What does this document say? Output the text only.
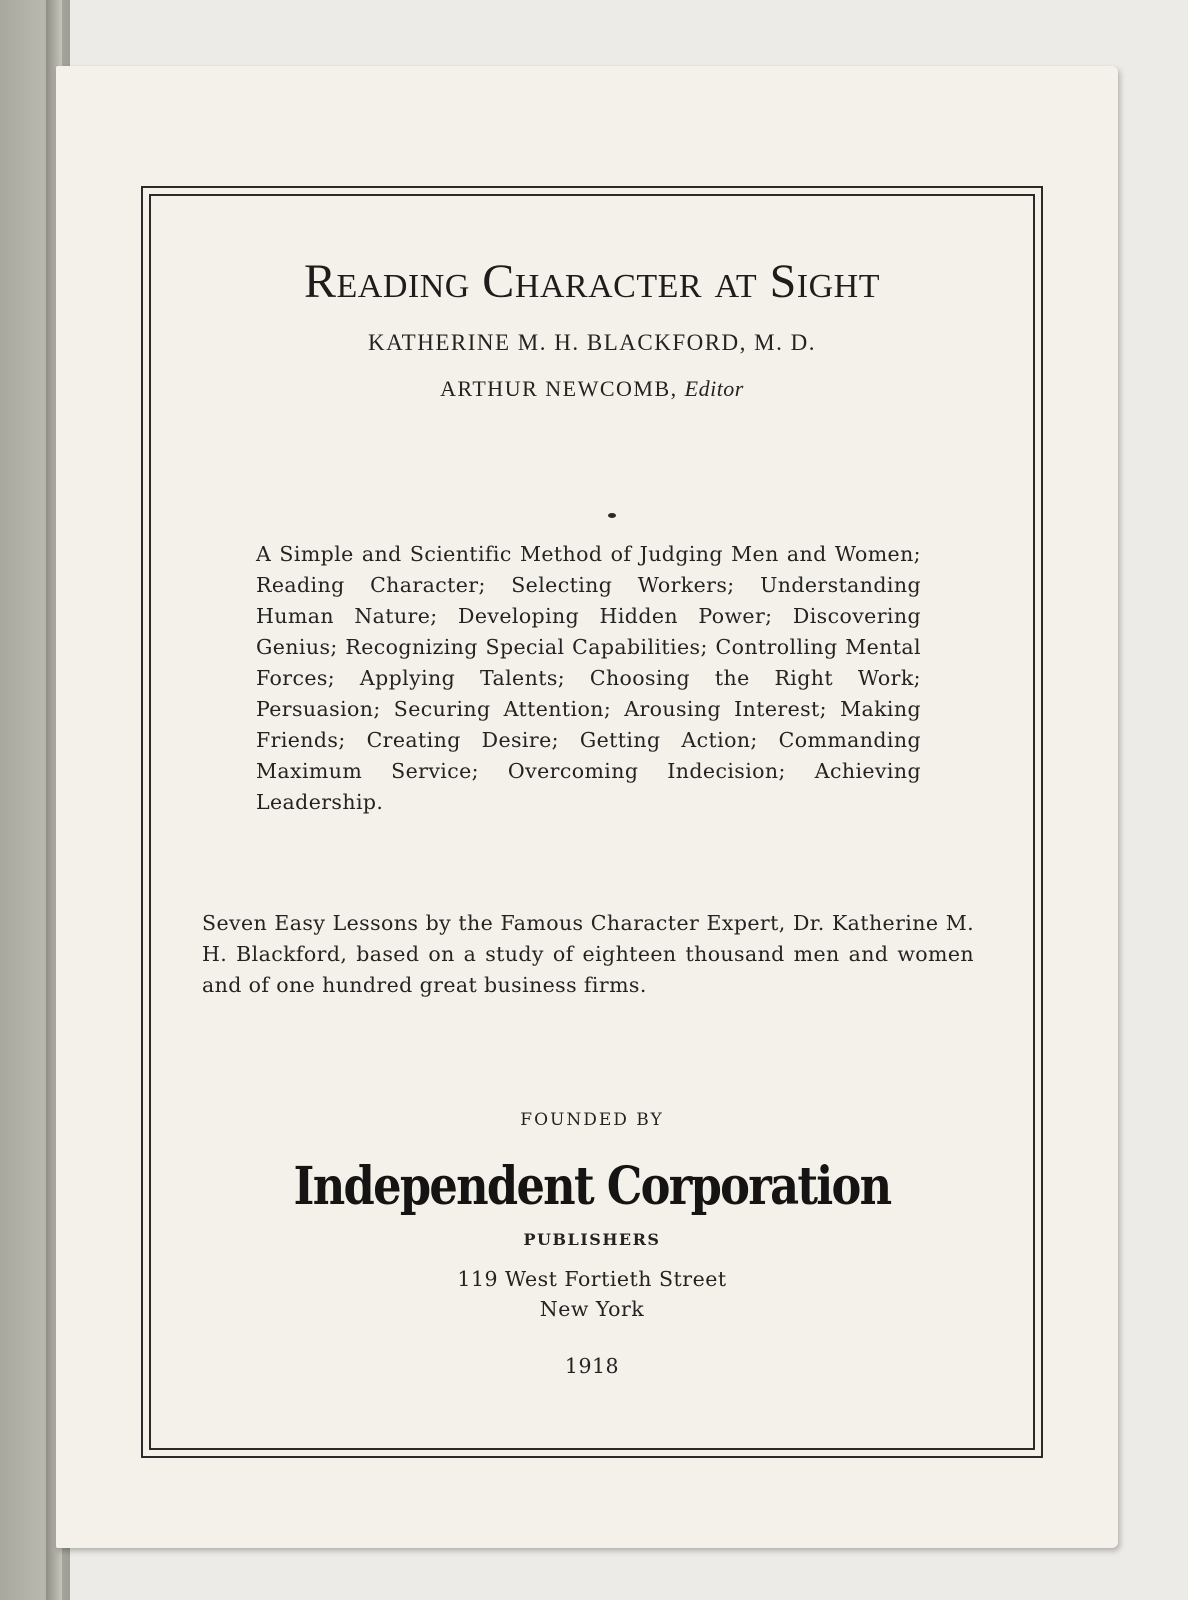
Reading Character at Sight
KATHERINE M. H. BLACKFORD, M. D.
ARTHUR NEWCOMB, Editor
A Simple and Scientific Method of Judging Men and Women; Reading Character; Selecting Workers; Understanding Human Nature; Developing Hidden Power; Discovering Genius; Recognizing Special Capabilities; Controlling Mental Forces; Applying Talents; Choosing the Right Work; Persuasion; Securing Attention; Arousing Interest; Making Friends; Creating Desire; Getting Action; Commanding Maximum Service; Overcoming Indecision; Achieving Leadership.
Seven Easy Lessons by the Famous Character Expert, Dr. Katherine M. H. Blackford, based on a study of eighteen thousand men and women and of one hundred great business firms.
FOUNDED BY
Independent Corporation
PUBLISHERS
119 West Fortieth Street
New York
1918
